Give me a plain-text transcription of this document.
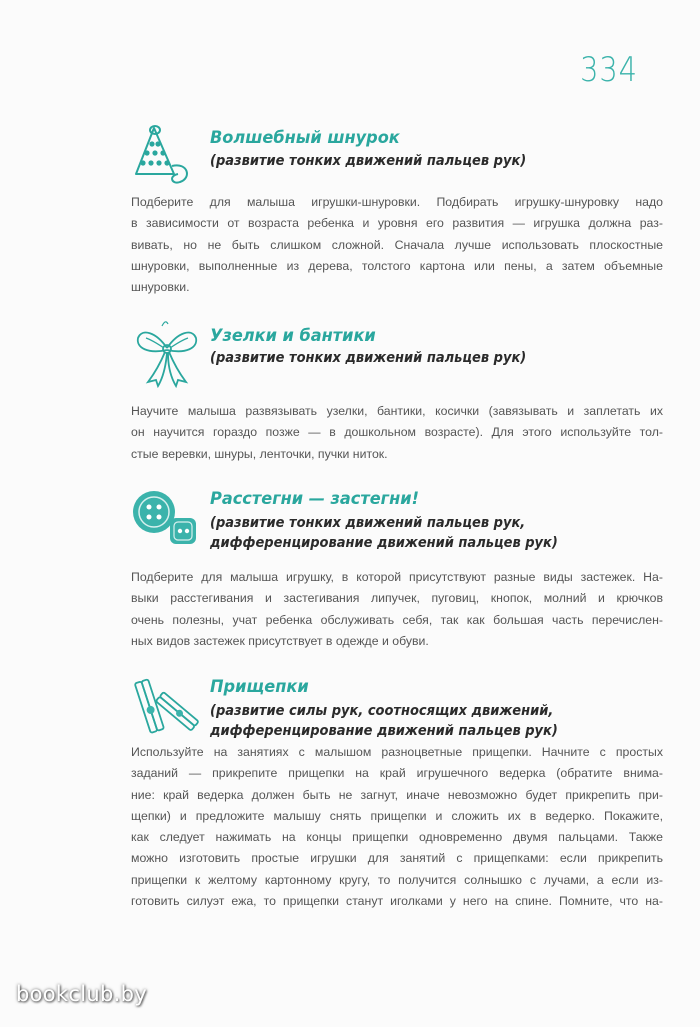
334
Волшебный шнурок
(развитие тонких движений пальцев рук)
Подберите для малыша игрушки-шнуровки. Подбирать игрушку-шнуровку надо
в зависимости от возраста ребенка и уровня его развития — игрушка должна раз-
вивать, но не быть слишком сложной. Сначала лучше использовать плоскостные
шнуровки, выполненные из дерева, толстого картона или пены, а затем объемные
шнуровки.
Узелки и бантики
(развитие тонких движений пальцев рук)
Научите малыша развязывать узелки, бантики, косички (завязывать и заплетать их
он научится гораздо позже — в дошкольном возрасте). Для этого используйте тол-
стые веревки, шнуры, ленточки, пучки ниток.
Расстегни — застегни!
(развитие тонких движений пальцев рук,
дифференцирование движений пальцев рук)
Подберите для малыша игрушку, в которой присутствуют разные виды застежек. На-
выки расстегивания и застегивания липучек, пуговиц, кнопок, молний и крючков
очень полезны, учат ребенка обслуживать себя, так как большая часть перечислен-
ных видов застежек присутствует в одежде и обуви.
Прищепки
(развитие силы рук, соотносящих движений,
дифференцирование движений пальцев рук)
Используйте на занятиях с малышом разноцветные прищепки. Начните с простых
заданий — прикрепите прищепки на край игрушечного ведерка (обратите внима-
ние: край ведерка должен быть не загнут, иначе невозможно будет прикрепить при-
щепки) и предложите малышу снять прищепки и сложить их в ведерко. Покажите,
как следует нажимать на концы прищепки одновременно двумя пальцами. Также
можно изготовить простые игрушки для занятий с прищепками: если прикрепить
прищепки к желтому картонному кругу, то получится солнышко с лучами, а если из-
готовить силуэт ежа, то прищепки станут иголками у него на спине. Помните, что на-
bookclub.by
